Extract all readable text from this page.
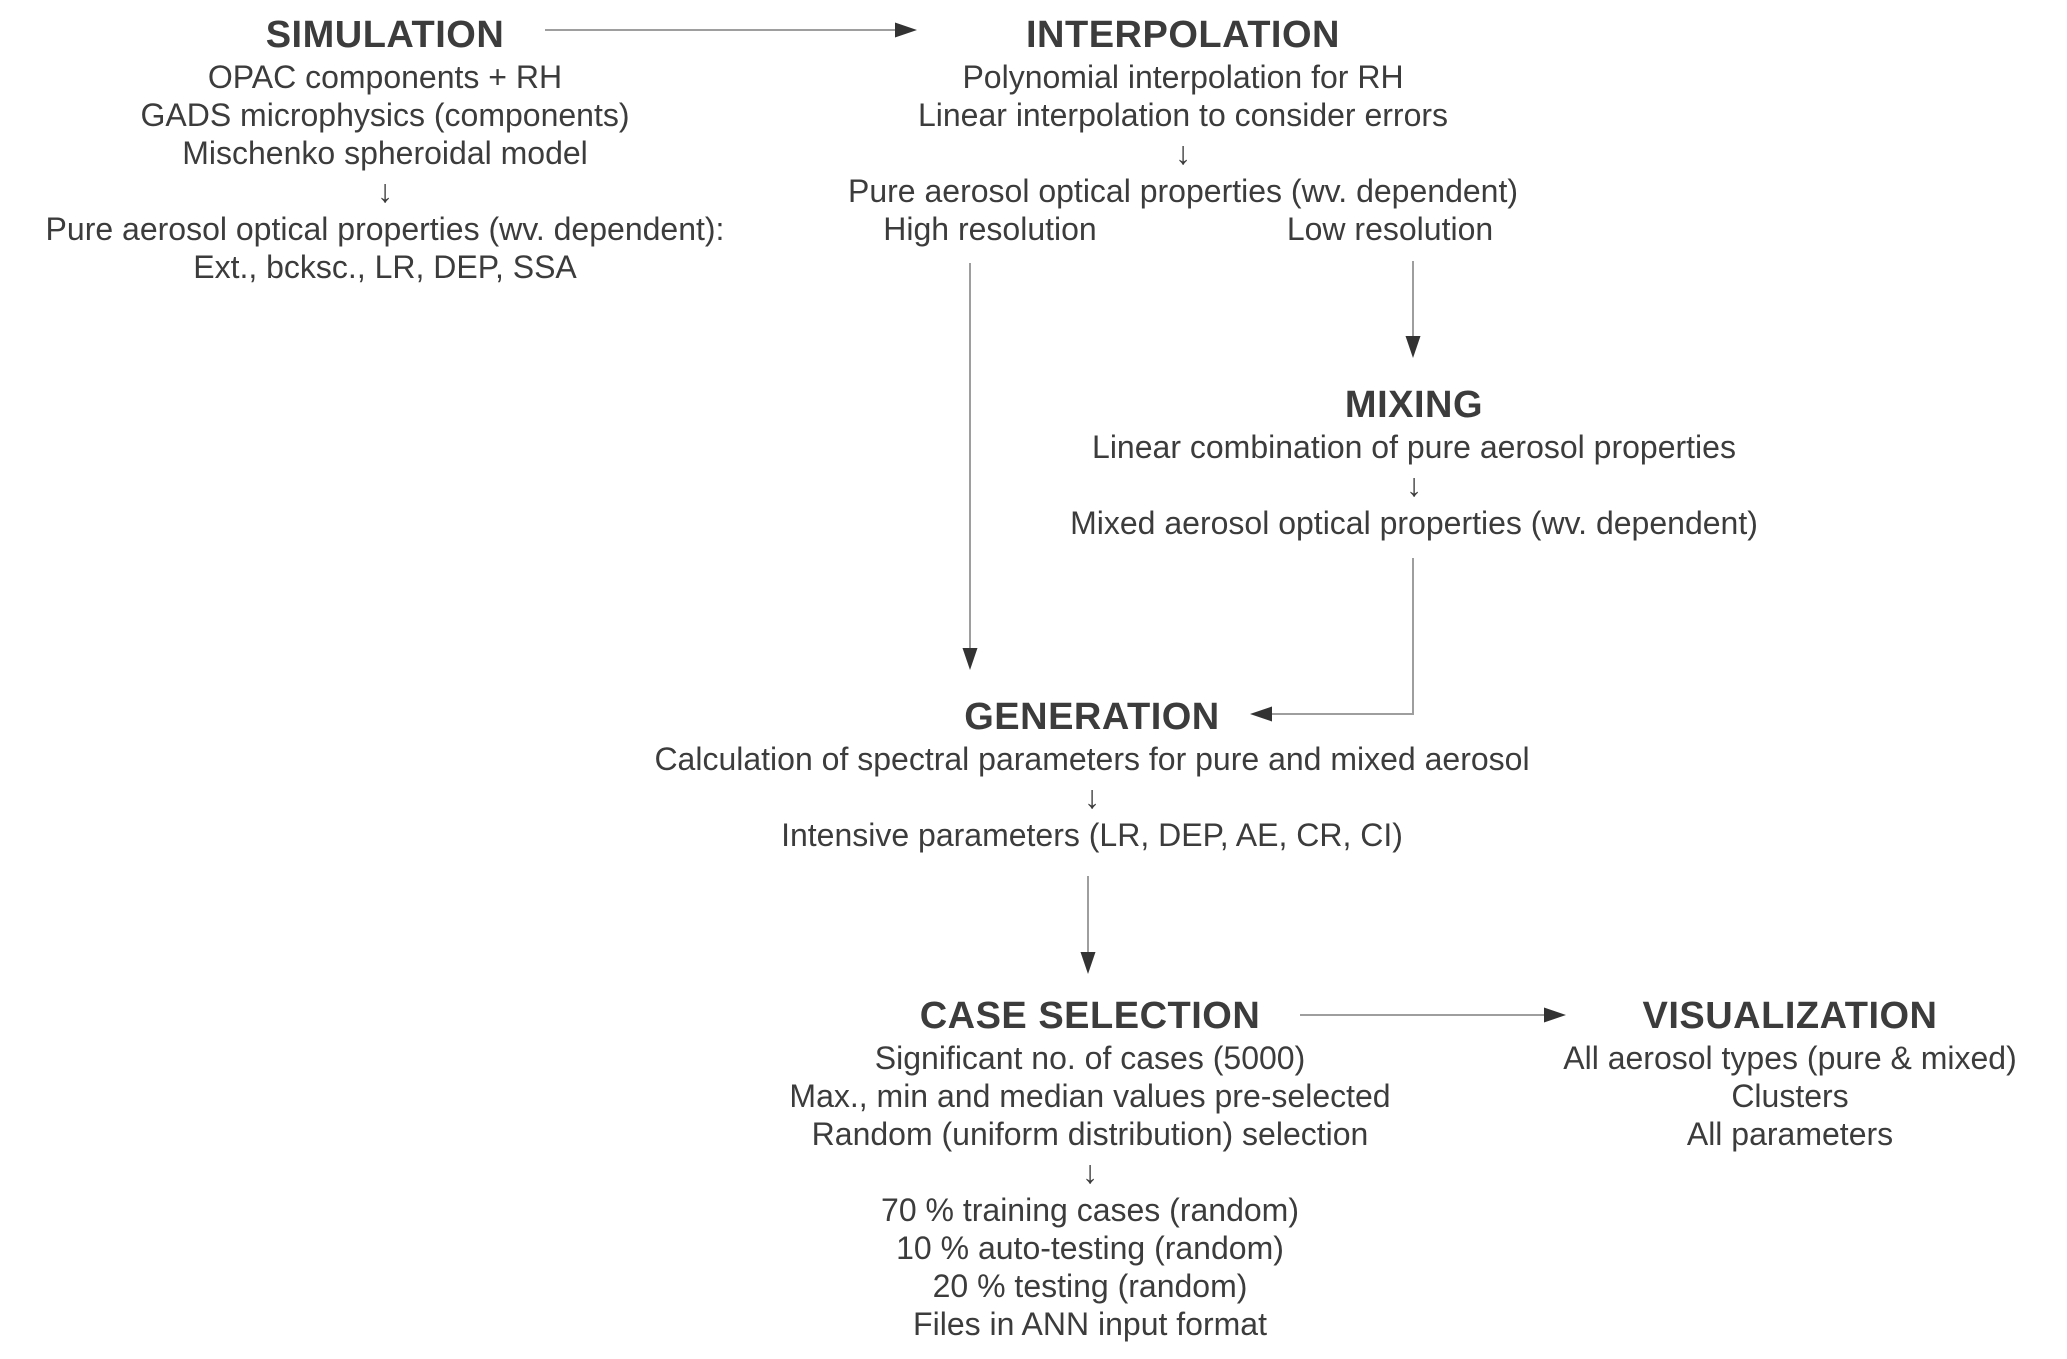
SIMULATION
OPAC components + RH
GADS microphysics (components)
Mischenko spheroidal model
↓
Pure aerosol optical properties (wv. dependent):
Ext., bcksc., LR, DEP, SSA
INTERPOLATION
Polynomial interpolation for RH
Linear interpolation to consider errors
↓
Pure aerosol optical properties (wv. dependent)
High resolution	Low resolution
MIXING
Linear combination of pure aerosol properties
↓
Mixed aerosol optical properties (wv. dependent)
GENERATION
Calculation of spectral parameters for pure and mixed aerosol
↓
Intensive parameters (LR, DEP, AE, CR, CI)
CASE SELECTION
Significant no. of cases (5000)
Max., min and median values pre-selected
Random (uniform distribution) selection
↓
70 % training cases (random)
10 % auto-testing (random)
20 % testing (random)
Files in ANN input format
VISUALIZATION
All aerosol types (pure & mixed)
Clusters
All parameters
